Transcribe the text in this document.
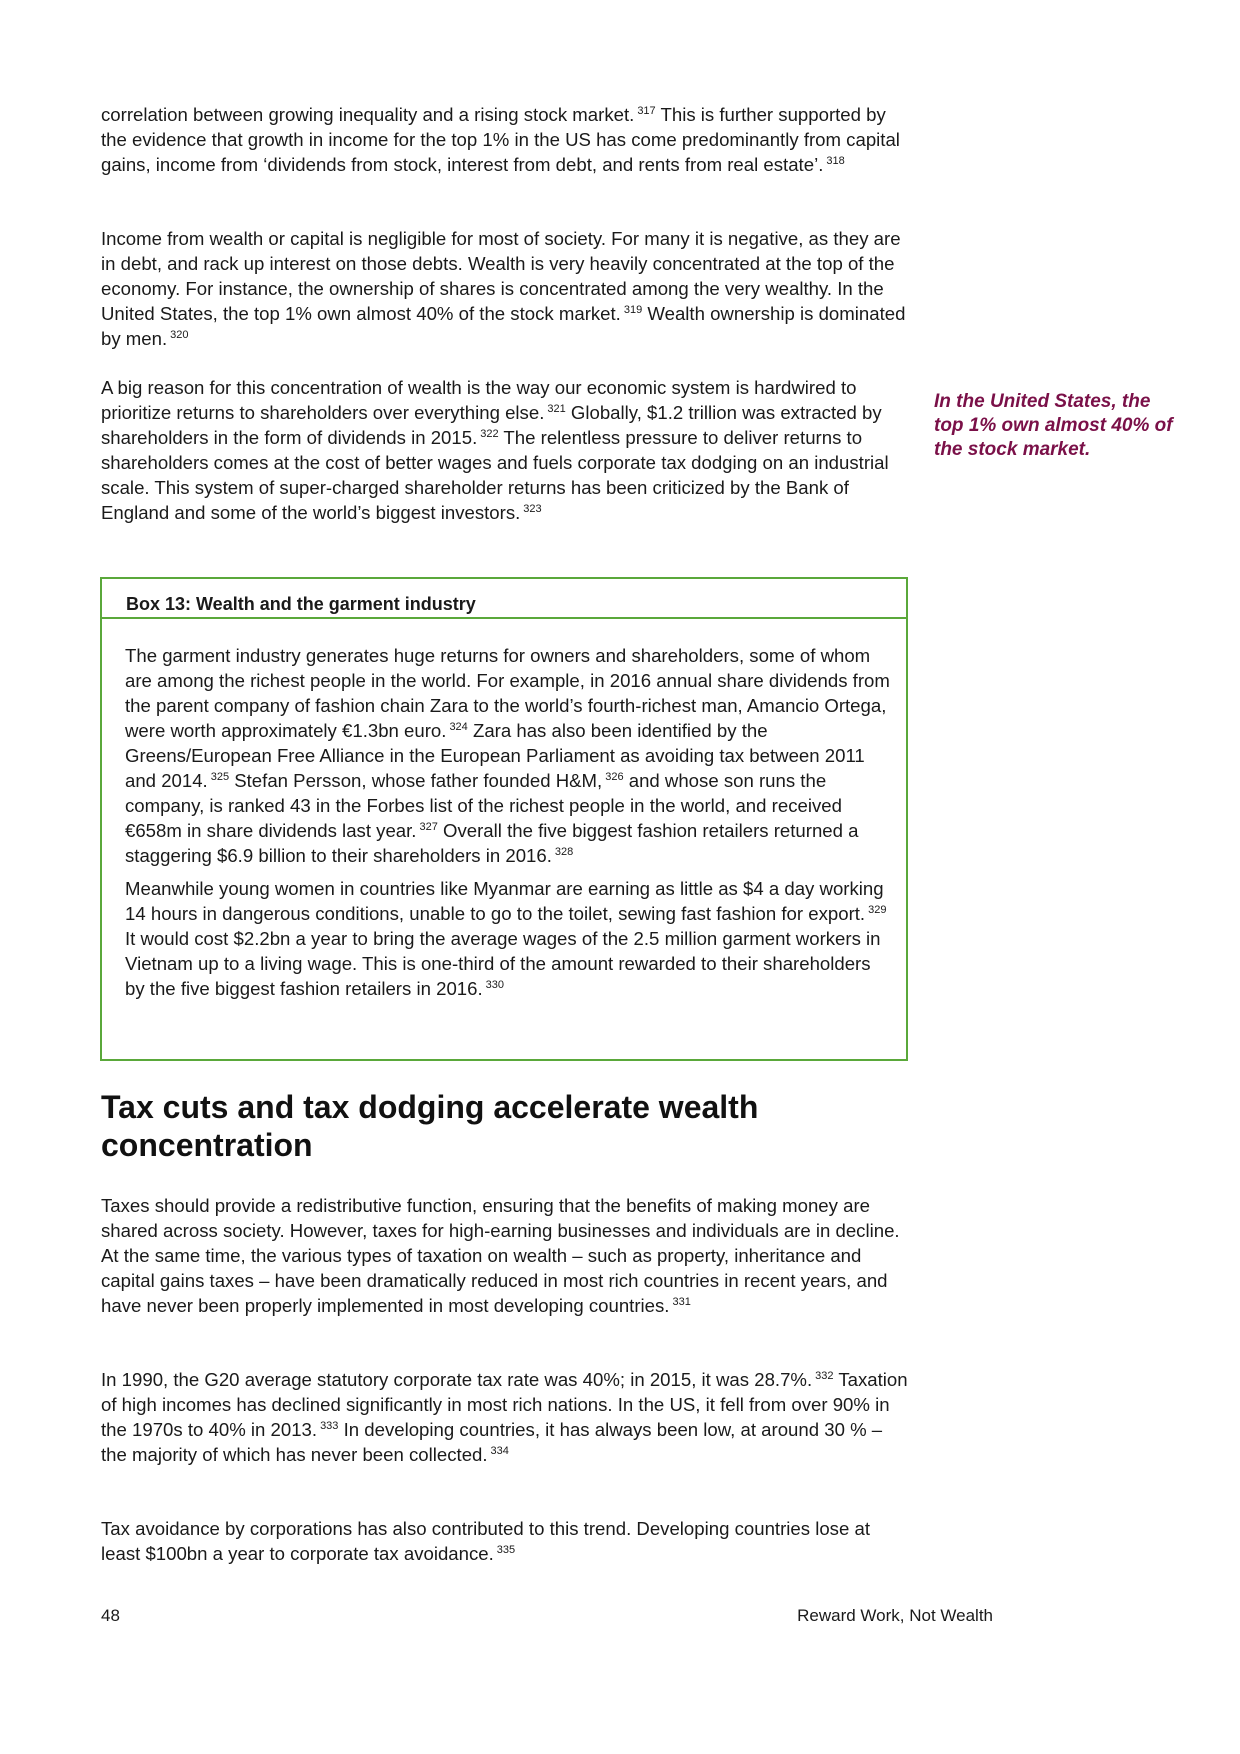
correlation between growing inequality and a rising stock market. $^{317}$ This is further supported by the evidence that growth in income for the top 1% in the US has come predominantly from capital gains, income from ‘dividends from stock, interest from debt, and rents from real estate’. $^{318}$

Income from wealth or capital is negligible for most of society. For many it is negative, as they are in debt, and rack up interest on those debts. Wealth is very heavily concentrated at the top of the economy. For instance, the ownership of shares is concentrated among the very wealthy. In the United States, the top 1% own almost 40% of the stock market. $^{319}$ Wealth ownership is dominated by men. $^{320}$

A big reason for this concentration of wealth is the way our economic system is hardwired to prioritize returns to shareholders over everything else. $^{321}$ Globally, $1.2 trillion was extracted by shareholders in the form of dividends in 2015. $^{322}$ The relentless pressure to deliver returns to shareholders comes at the cost of better wages and fuels corporate tax dodging on an industrial scale. This system of super-charged shareholder returns has been criticized by the Bank of England and some of the world’s biggest investors. $^{323}$

In the United States, the top 1% own almost 40% of the stock market.
Box 13: Wealth and the garment industry

The garment industry generates huge returns for owners and shareholders, some of whom are among the richest people in the world. For example, in 2016 annual share dividends from the parent company of fashion chain Zara to the world’s fourth-richest man, Amancio Ortega, were worth approximately €1.3bn euro. $^{324}$ Zara has also been identified by the Greens/European Free Alliance in the European Parliament as avoiding tax between 2011 and 2014. $^{325}$ Stefan Persson, whose father founded H&M, $^{326}$ and whose son runs the company, is ranked 43 in the Forbes list of the richest people in the world, and received €658m in share dividends last year. $^{327}$ Overall the five biggest fashion retailers returned a staggering $6.9 billion to their shareholders in 2016. $^{328}$

Meanwhile young women in countries like Myanmar are earning as little as $4 a day working 14 hours in dangerous conditions, unable to go to the toilet, sewing fast fashion for export. $^{329}$ It would cost $2.2bn a year to bring the average wages of the 2.5 million garment workers in Vietnam up to a living wage. This is one-third of the amount rewarded to their shareholders by the five biggest fashion retailers in 2016. $^{330}$

Tax cuts and tax dodging accelerate wealth concentration

Taxes should provide a redistributive function, ensuring that the benefits of making money are shared across society. However, taxes for high-earning businesses and individuals are in decline. At the same time, the various types of taxation on wealth – such as property, inheritance and capital gains taxes – have been dramatically reduced in most rich countries in recent years, and have never been properly implemented in most developing countries. $^{331}$

In 1990, the G20 average statutory corporate tax rate was 40%; in 2015, it was 28.7%. $^{332}$ Taxation of high incomes has declined significantly in most rich nations. In the US, it fell from over 90% in the 1970s to 40% in 2013. $^{333}$ In developing countries, it has always been low, at around 30 % – the majority of which has never been collected. $^{334}$

Tax avoidance by corporations has also contributed to this trend. Developing countries lose at least $100bn a year to corporate tax avoidance. $^{335}$

48	Reward Work, Not Wealth
